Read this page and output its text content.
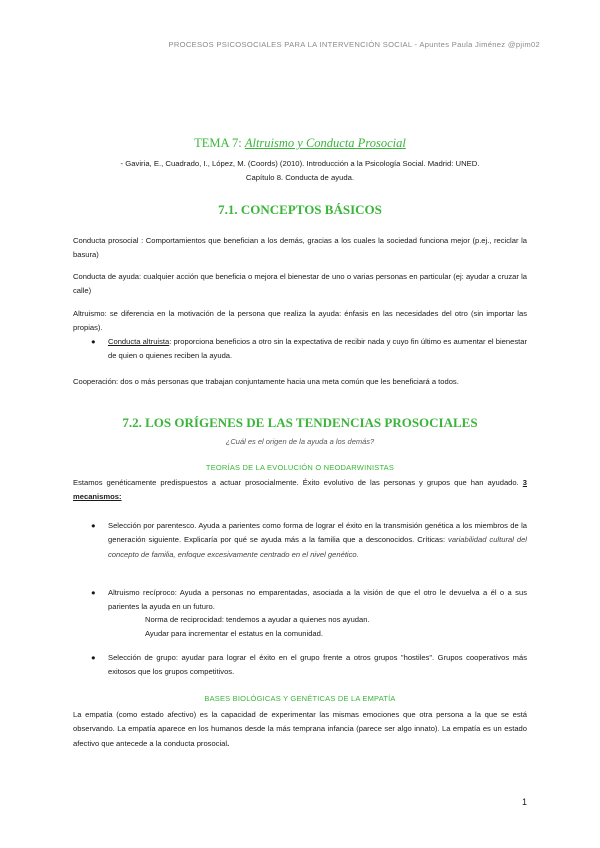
PROCESOS PSICOSOCIALES PARA LA INTERVENCIÓN SOCIAL - Apuntes Paula Jiménez @pjim02
TEMA 7: Altruismo y Conducta Prosocial
- Gaviria, E., Cuadrado, I., López, M. (Coords) (2010). Introducción a la Psicología Social. Madrid: UNED.
Capítulo 8. Conducta de ayuda.
7.1. CONCEPTOS BÁSICOS
Conducta prosocial : Comportamientos que benefician a los demás, gracias a los cuales la sociedad funciona mejor (p.ej., reciclar la basura)
Conducta de ayuda: cualquier acción que beneficia o mejora el bienestar de uno o varias personas en particular (ej: ayudar a cruzar la calle)
Altruismo: se diferencia en la motivación de la persona que realiza la ayuda: énfasis en las necesidades del otro (sin importar las propias).
● Conducta altruista: proporciona beneficios a otro sin la expectativa de recibir nada y cuyo fin último es aumentar el bienestar de quien o quienes reciben la ayuda.
Cooperación: dos o más personas que trabajan conjuntamente hacia una meta común que les beneficiará a todos.
7.2. LOS ORÍGENES DE LAS TENDENCIAS PROSOCIALES
¿Cuál es el origen de la ayuda a los demás?
TEORÍAS DE LA EVOLUCIÓN O NEODARWINISTAS
Estamos genéticamente predispuestos a actuar prosocialmente. Éxito evolutivo de las personas y grupos que han ayudado. 3 mecanismos:
● Selección por parentesco. Ayuda a parientes como forma de lograr el éxito en la transmisión genética a los miembros de la generación siguiente. Explicaría por qué se ayuda más a la familia que a desconocidos. Críticas: variabilidad cultural del concepto de familia, enfoque excesivamente centrado en el nivel genético.
● Altruismo recíproco: Ayuda a personas no emparentadas, asociada a la visión de que el otro le devuelva a él o a sus parientes la ayuda en un futuro.
Norma de reciprocidad: tendemos a ayudar a quienes nos ayudan.
Ayudar para incrementar el estatus en la comunidad.
● Selección de grupo: ayudar para lograr el éxito en el grupo frente a otros grupos "hostiles". Grupos cooperativos más exitosos que los grupos competitivos.
BASES BIOLÓGICAS Y GENÉTICAS DE LA EMPATÍA
La empatía (como estado afectivo) es la capacidad de experimentar las mismas emociones que otra persona a la que se está observando. La empatía aparece en los humanos desde la más temprana infancia (parece ser algo innato). La empatía es un estado afectivo que antecede a la conducta prosocial.
1
